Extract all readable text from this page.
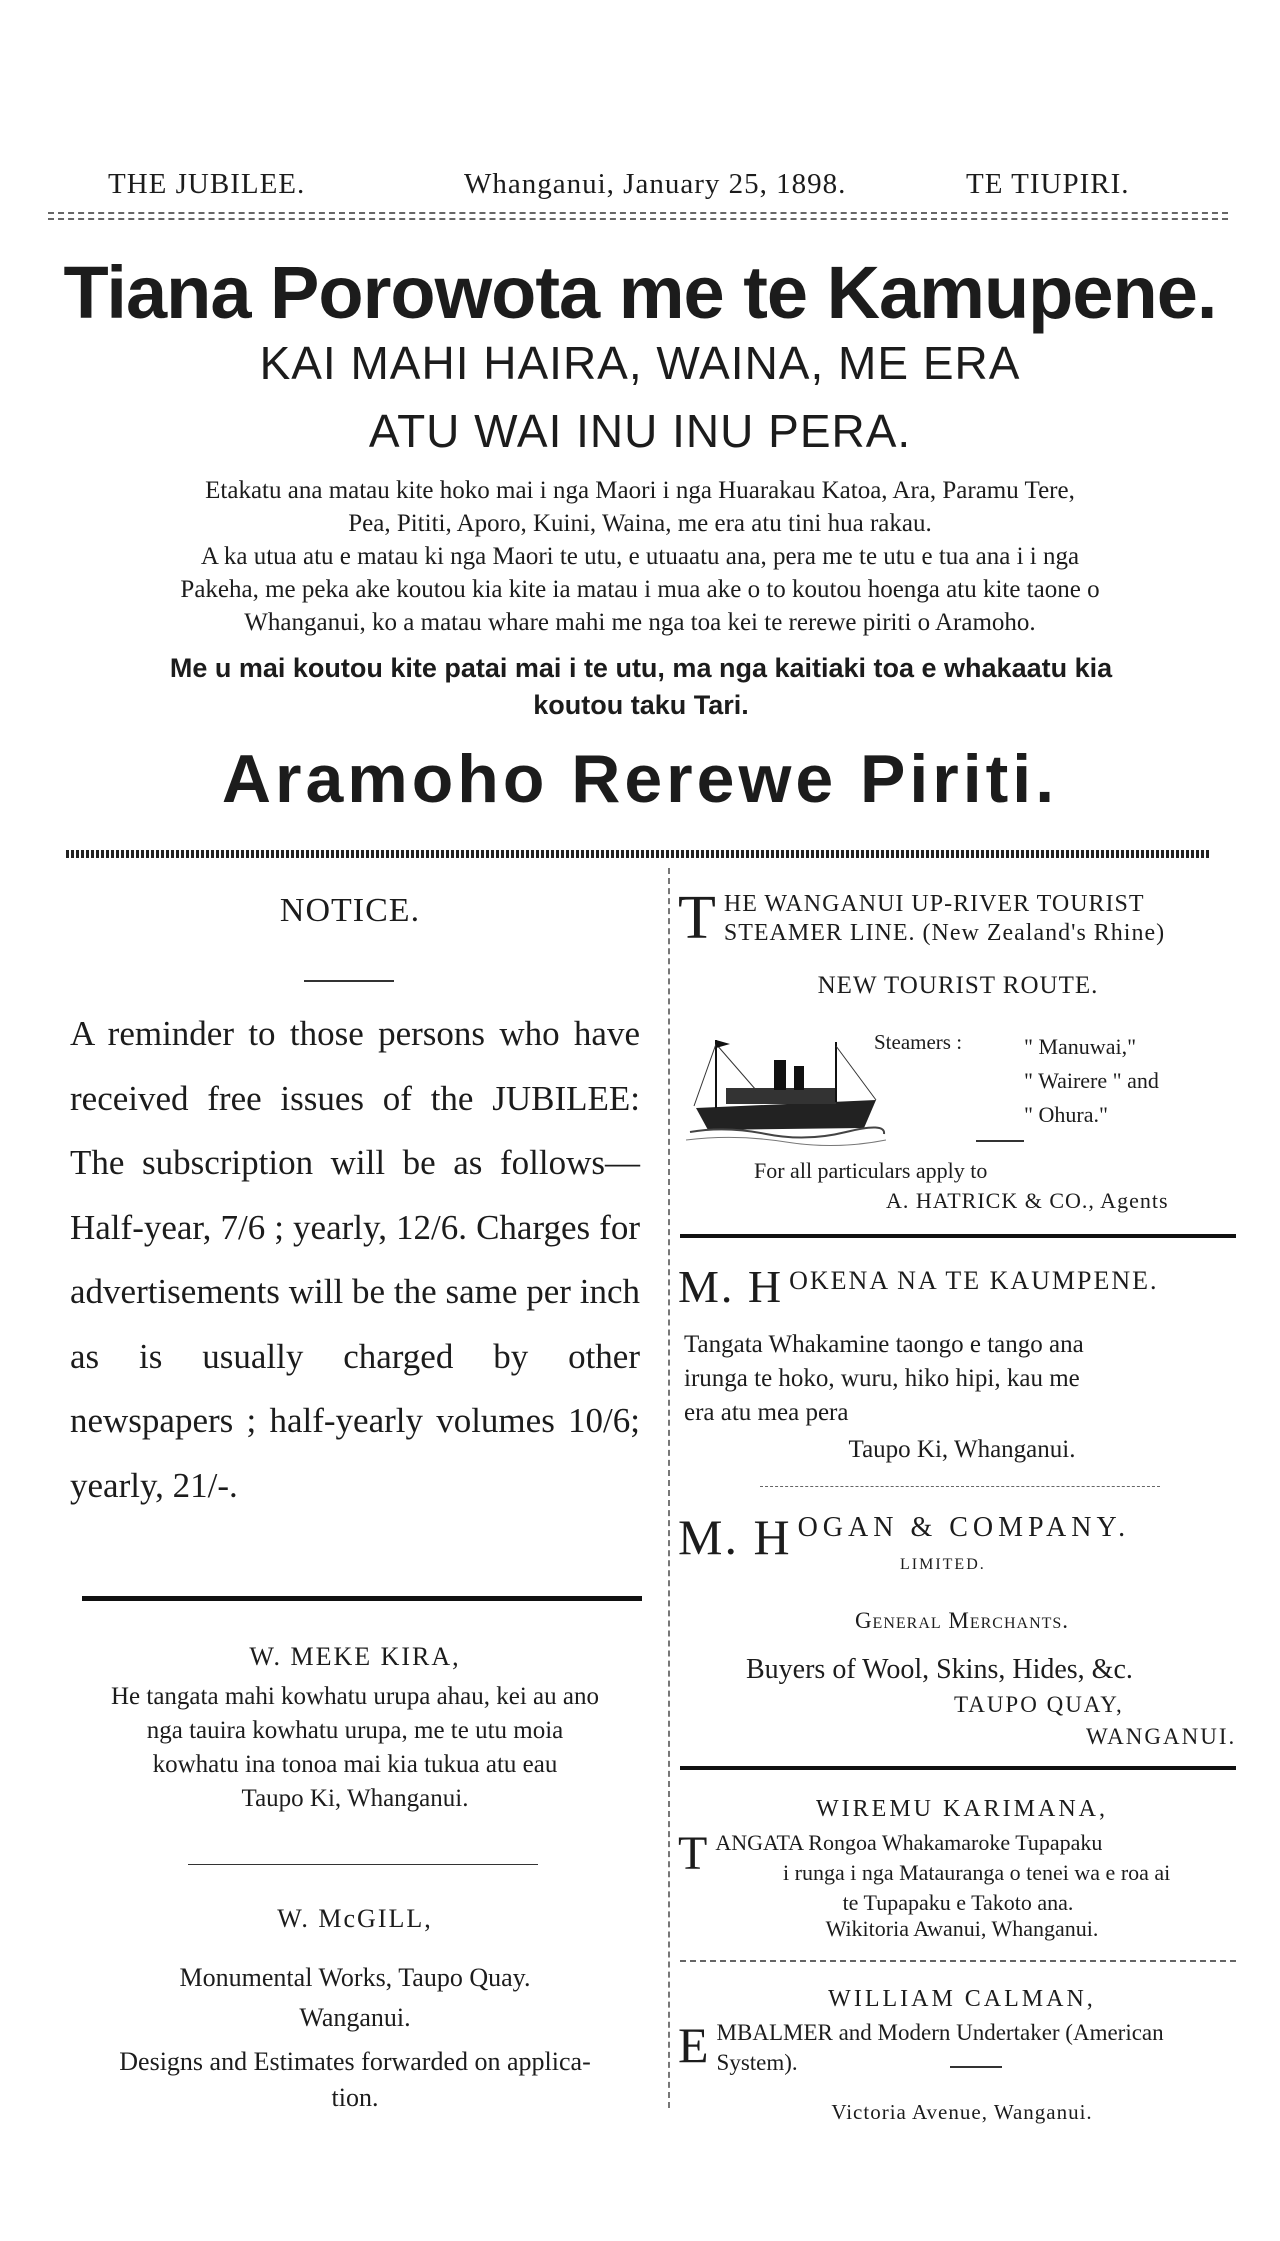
THE JUBILEE.	Whanganui, January 25, 1898.	TE TIUPIRI.
Tiana Porowota me te Kamupene.
KAI MAHI HAIRA, WAINA, ME ERA
ATU WAI INU INU PERA.
Etakatu ana matau kite hoko mai i nga Maori i nga Huarakau Katoa, Ara, Paramu Tere,
Pea, Pititi, Aporo, Kuini, Waina, me era atu tini hua rakau.
A ka utua atu e matau ki nga Maori te utu, e utuaatu ana, pera me te utu e tua ana i i nga
Pakeha, me peka ake koutou kia kite ia matau i mua ake o to koutou hoenga atu kite taone o
Whanganui, ko a matau whare mahi me nga toa kei te rerewe piriti o Aramoho.
Me u mai koutou kite patai mai i te utu, ma nga kaitiaki toa e whakaatu kia
koutou taku Tari.
Aramoho Rerewe Piriti.
NOTICE.
A reminder to those persons who have received free issues of the JUBILEE: The subscription will be as follows—Half-year, 7/6 ; yearly, 12/6. Charges for advertisements will be the same per inch as is usually charged by other newspapers ; half-yearly volumes 10/6; yearly, 21/-.
W. MEKE KIRA,
He tangata mahi kowhatu urupa ahau, kei au ano
nga tauira kowhatu urupa, me te utu moia
kowhatu ina tonoa mai kia tukua atu eau
Taupo Ki, Whanganui.
W. McGILL,
Monumental Works, Taupo Quay.
Wanganui.
Designs and Estimates forwarded on applica-
tion.
T HE WANGANUI UP-RIVER TOURIST
STEAMER LINE. (New Zealand's Rhine)
NEW TOURIST ROUTE.
Steamers :	" Manuwai,"
" Wairere " and
" Ohura."
For all particulars apply to
A. HATRICK & CO., Agents
M. H OKENA NA TE KAUMPENE.
Tangata Whakamine taongo e tango ana
irunga te hoko, wuru, hiko hipi, kau me
era atu mea pera
Taupo Ki, Whanganui.
M. H OGAN & COMPANY.
LIMITED.
General Merchants.
Buyers of Wool, Skins, Hides, &c.
TAUPO QUAY,
WANGANUI.
WIREMU KARIMANA,
T ANGATA Rongoa Whakamaroke Tupapaku
i runga i nga Matauranga o tenei wa e roa ai
te Tupapaku e Takoto ana.
Wikitoria Awanui, Whanganui.
WILLIAM CALMAN,
E MBALMER and Modern Undertaker (American
System).
Victoria Avenue, Wanganui.
